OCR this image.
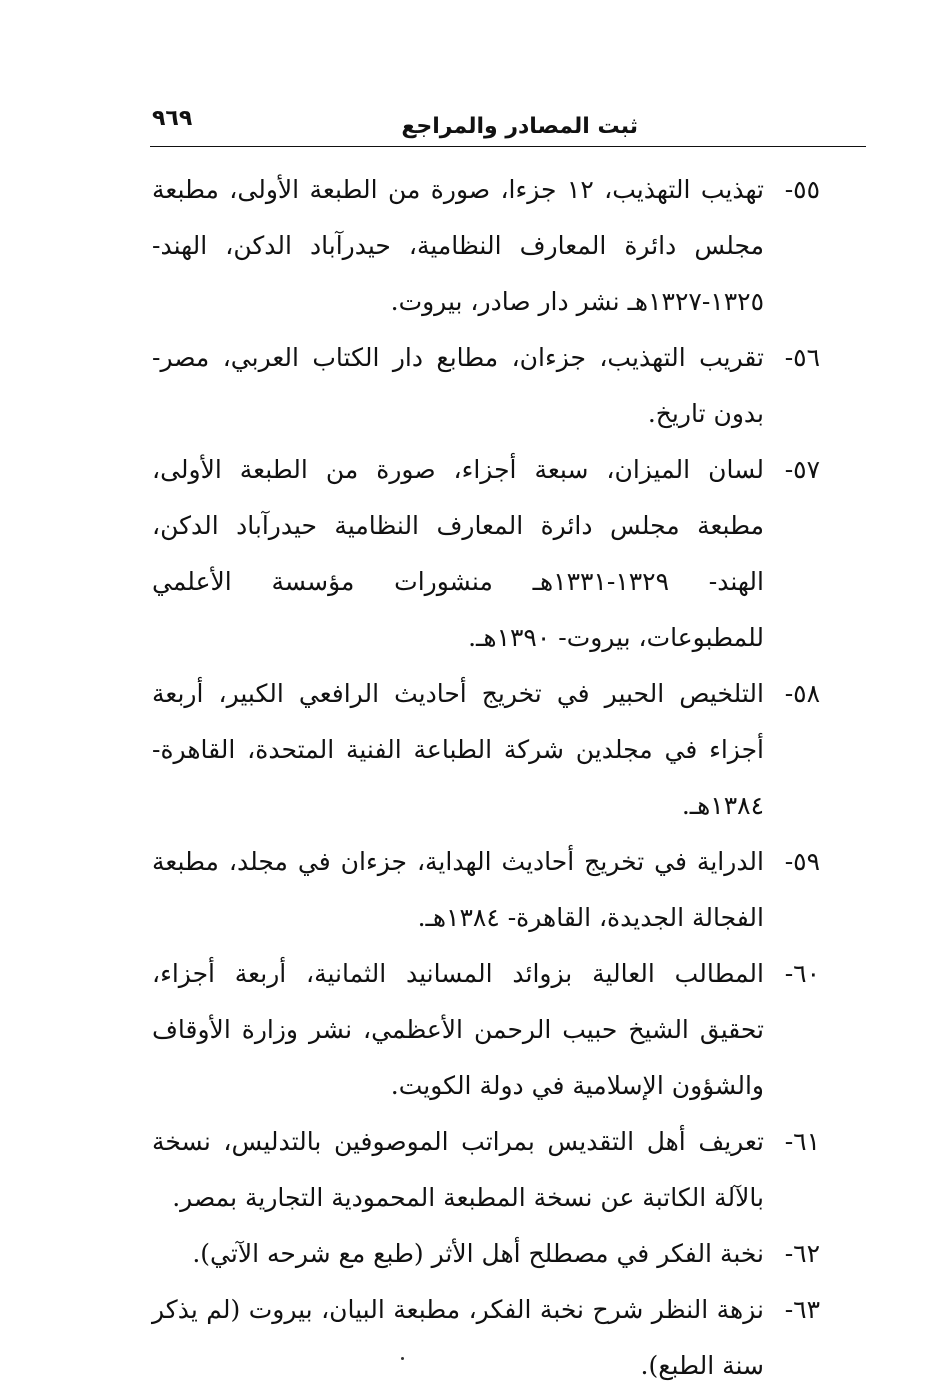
ثبت المصادر والمراجع
٩٦٩
٥٥-
تهذيب التهذيب، ١٢ جزءا، صورة من الطبعة الأولى، مطبعة مجلس دائرة المعارف النظامية، حيدرآباد الدكن، الهند- ١٣٢٥-١٣٢٧هـ نشر دار صادر، بيروت.
٥٦-
تقريب التهذيب، جزءان، مطابع دار الكتاب العربي، مصر- بدون تاريخ.
٥٧-
لسان الميزان، سبعة أجزاء، صورة من الطبعة الأولى، مطبعة مجلس دائرة المعارف النظامية حيدرآباد الدكن، الهند- ١٣٢٩-١٣٣١هـ منشورات مؤسسة الأعلمي للمطبوعات، بيروت- ١٣٩٠هـ.
٥٨-
التلخيص الحبير في تخريج أحاديث الرافعي الكبير، أربعة أجزاء في مجلدين شركة الطباعة الفنية المتحدة، القاهرة- ١٣٨٤هـ.
٥٩-
الدراية في تخريج أحاديث الهداية، جزءان في مجلد، مطبعة الفجالة الجديدة، القاهرة- ١٣٨٤هـ.
٦٠-
المطالب العالية بزوائد المسانيد الثمانية، أربعة أجزاء، تحقيق الشيخ حبيب الرحمن الأعظمي، نشر وزارة الأوقاف والشؤون الإسلامية في دولة الكويت.
٦١-
تعريف أهل التقديس بمراتب الموصوفين بالتدليس، نسخة بالآلة الكاتبة عن نسخة المطبعة المحمودية التجارية بمصر.
٦٢-
نخبة الفكر في مصطلح أهل الأثر (طبع مع شرحه الآتي).
٦٣-
نزهة النظر شرح نخبة الفكر، مطبعة البيان، بيروت (لم يذكر سنة الطبع).
